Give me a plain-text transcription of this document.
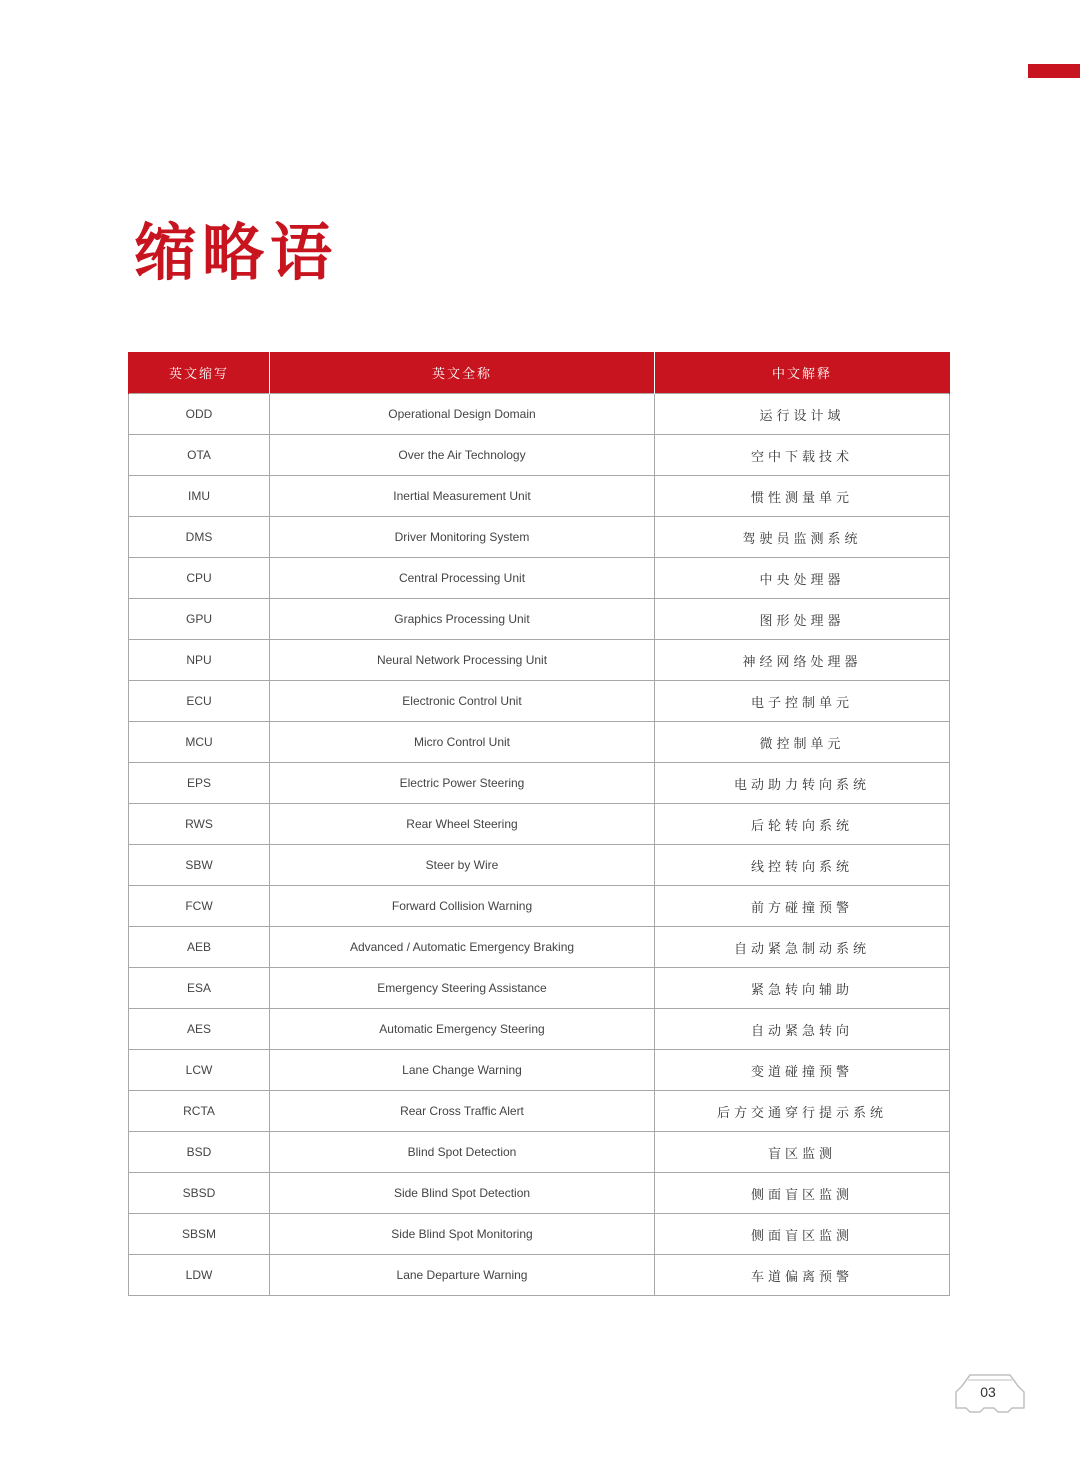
缩略语
英文缩写	英文全称	中文解释
ODD	Operational Design Domain	运行设计域
OTA	Over the Air Technology	空中下载技术
IMU	Inertial Measurement Unit	惯性测量单元
DMS	Driver Monitoring System	驾驶员监测系统
CPU	Central Processing Unit	中央处理器
GPU	Graphics Processing Unit	图形处理器
NPU	Neural Network Processing Unit	神经网络处理器
ECU	Electronic Control Unit	电子控制单元
MCU	Micro Control Unit	微控制单元
EPS	Electric Power Steering	电动助力转向系统
RWS	Rear Wheel Steering	后轮转向系统
SBW	Steer by Wire	线控转向系统
FCW	Forward Collision Warning	前方碰撞预警
AEB	Advanced / Automatic Emergency Braking	自动紧急制动系统
ESA	Emergency Steering Assistance	紧急转向辅助
AES	Automatic Emergency Steering	自动紧急转向
LCW	Lane Change Warning	变道碰撞预警
RCTA	Rear Cross Traffic Alert	后方交通穿行提示系统
BSD	Blind Spot Detection	盲区监测
SBSD	Side Blind Spot Detection	侧面盲区监测
SBSM	Side Blind Spot Monitoring	侧面盲区监测
LDW	Lane Departure Warning	车道偏离预警
03
